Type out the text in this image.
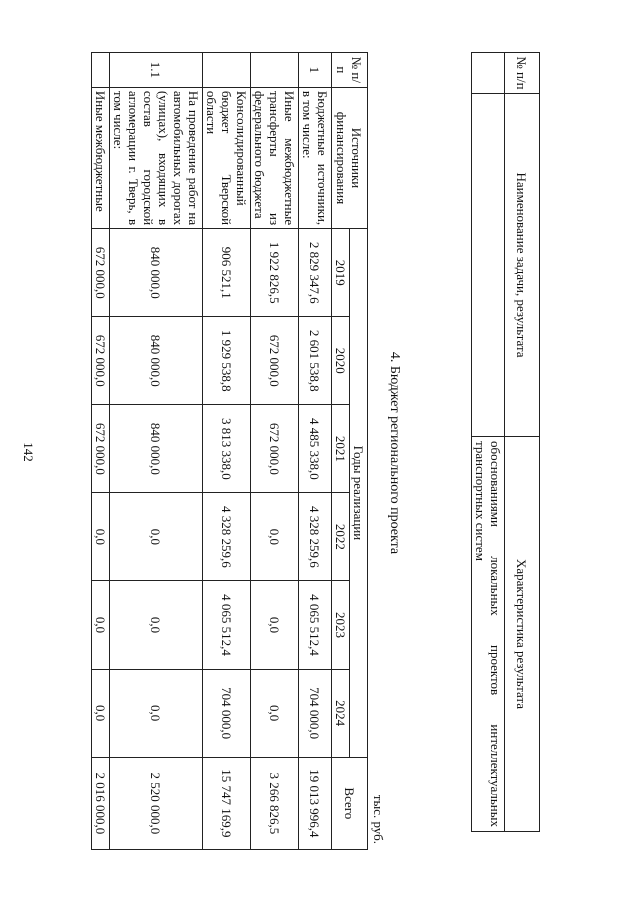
142
№ п/п	Наименование задачи, результата	Характеристика результата
		обоснованиями локальных проектов интеллектуальных транспортных систем
4. Бюджет регионального проекта
тыс. руб.
№ п/п	Источники финансирования	Годы реализации						Всего
		2019	2020	2021	2022	2023	2024	
1	Бюджетные источники, в том числе:	2 829 347,6	2 601 538,8	4 485 338,0	4 328 259,6	4 065 512,4	704 000,0	19 013 996,4
	Иные межбюджетные трансферты из федерального бюджета	1 922 826,5	672 000,0	672 000,0	0,0	0,0	0,0	3 266 826,5
	Консолидированный бюджет Тверской области	906 521,1	1 929 538,8	3 813 338,0	4 328 259,6	4 065 512,4	704 000,0	15 747 169,9
1.1	На проведение работ на автомобильных дорогах (улицах), входящих в состав городской агломерации г. Тверь, в том числе:	840 000,0	840 000,0	840 000,0	0,0	0,0	0,0	2 520 000,0
	Иные межбюджетные	672 000,0	672 000,0	672 000,0	0,0	0,0	0,0	2 016 000,0
